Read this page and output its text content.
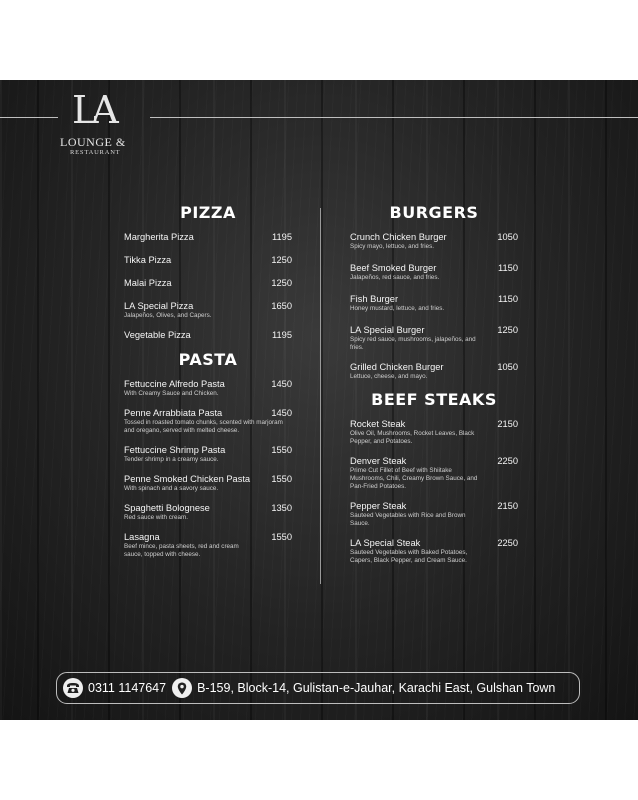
LA
LOUNGE &
RESTAURANT
PIZZA
Margherita Pizza	1195
Tikka Pizza	1250
Malai Pizza	1250
LA Special Pizza	1650
Jalapeños, Olives, and Capers.
Vegetable Pizza	1195
PASTA
Fettuccine Alfredo Pasta	1450
With Creamy Sauce and Chicken.
Penne Arrabbiata Pasta	1450
Tossed in roasted tomato chunks, scented with marjoram and oregano, served with melted cheese.
Fettuccine Shrimp Pasta	1550
Tender shrimp in a creamy sauce.
Penne Smoked Chicken Pasta	1550
With spinach and a savory sauce.
Spaghetti Bolognese	1350
Red sauce with cream.
Lasagna	1550
Beef mince, pasta sheets, red and cream sauce, topped with cheese.
BURGERS
Crunch Chicken Burger	1050
Spicy mayo, lettuce, and fries.
Beef Smoked Burger	1150
Jalapeños, red sauce, and fries.
Fish Burger	1150
Honey mustard, lettuce, and fries.
LA Special Burger	1250
Spicy red sauce, mushrooms, jalapeños, and fries.
Grilled Chicken Burger	1050
Lettuce, cheese, and mayo.
BEEF STEAKS
Rocket Steak	2150
Olive Oil, Mushrooms, Rocket Leaves, Black Pepper, and Potatoes.
Denver Steak	2250
Prime Cut Fillet of Beef with Shiitake Mushrooms, Chili, Creamy Brown Sauce, and Pan-Fried Potatoes.
Pepper Steak	2150
Sauteed Vegetables with Rice and Brown Sauce.
LA Special Steak	2250
Sauteed Vegetables with Baked Potatoes, Capers, Black Pepper, and Cream Sauce.
0311 1147647 B-159, Block-14, Gulistan-e-Jauhar, Karachi East, Gulshan Town
